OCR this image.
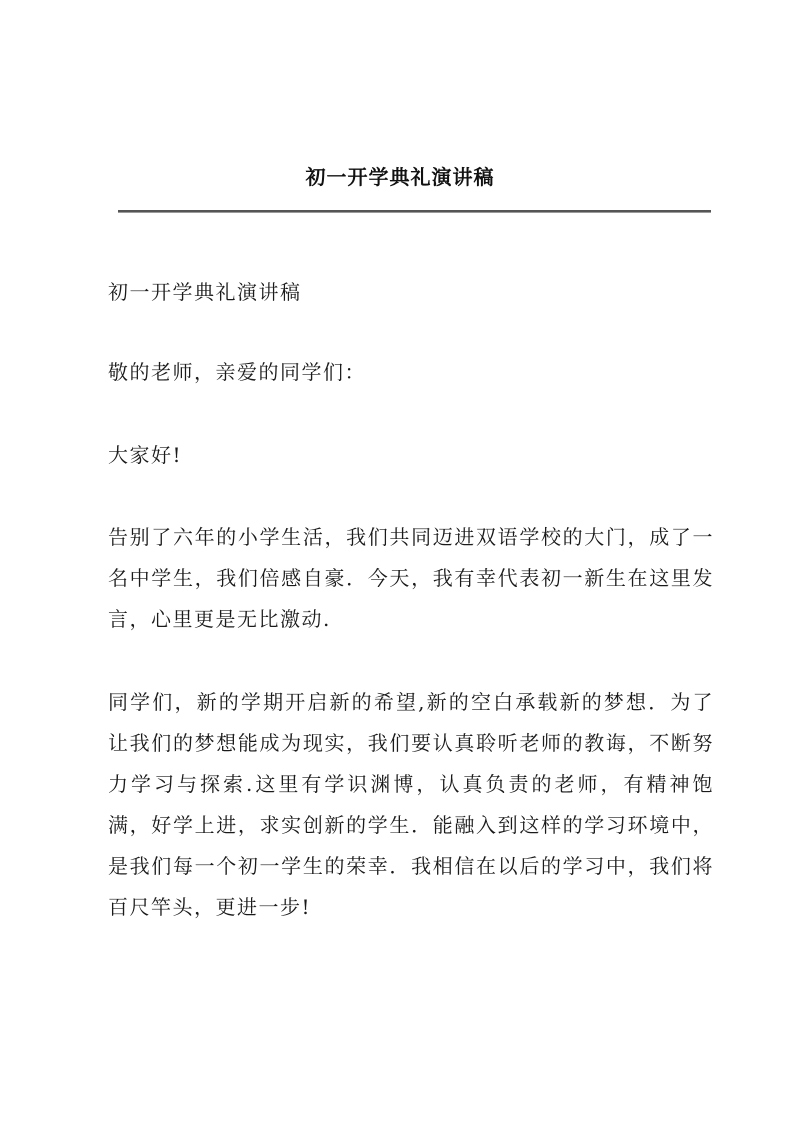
初一开学典礼演讲稿

初一开学典礼演讲稿

敬的老师，亲爱的同学们：

大家好!

告别了六年的小学生活，我们共同迈进双语学校的大门，成了一名中学生，我们倍感自豪．今天，我有幸代表初一新生在这里发言，心里更是无比激动.

同学们，新的学期开启新的希望,新的空白承载新的梦想．为了让我们的梦想能成为现实，我们要认真聆听老师的教诲，不断努力学习与探索.这里有学识渊博，认真负责的老师，有精神饱满，好学上进，求实创新的学生．能融入到这样的学习环境中，是我们每一个初一学生的荣幸．我相信在以后的学习中，我们将百尺竿头，更进一步!
